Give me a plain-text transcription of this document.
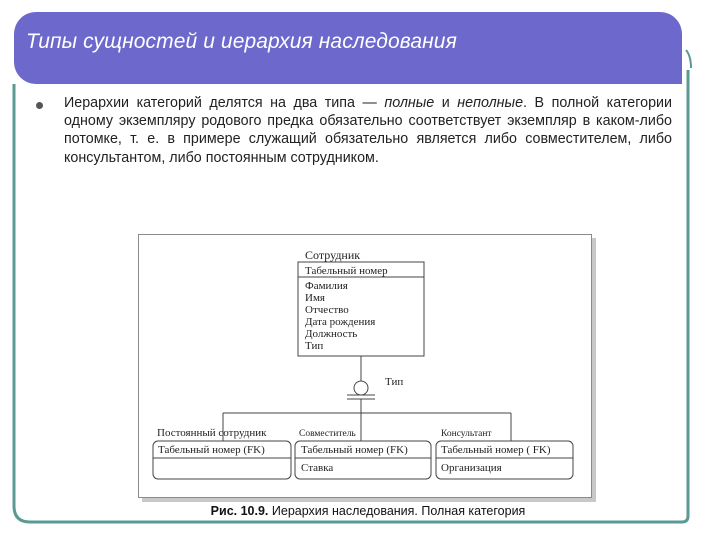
Типы сущностей и иерархия наследования

Иерархии категорий делятся на два типа — полные и неполные. В полной категории одному экземпляру родового предка обязательно соответствует экземпляр в каком-либо потомке, т. е. в примере служащий обязательно является либо совместителем, либо консультантом, либо постоянным сотрудником.

Сотрудник
Табельный номер
Фамилия
Имя
Отчество
Дата рождения
Должность
Тип
Тип
Постоянный сотрудник
Табельный номер (FK)
Совместитель
Табельный номер (FK)
Ставка
Консультант
Табельный номер ( FK)
Организация
Рис. 10.9. Иерархия наследования. Полная категория
